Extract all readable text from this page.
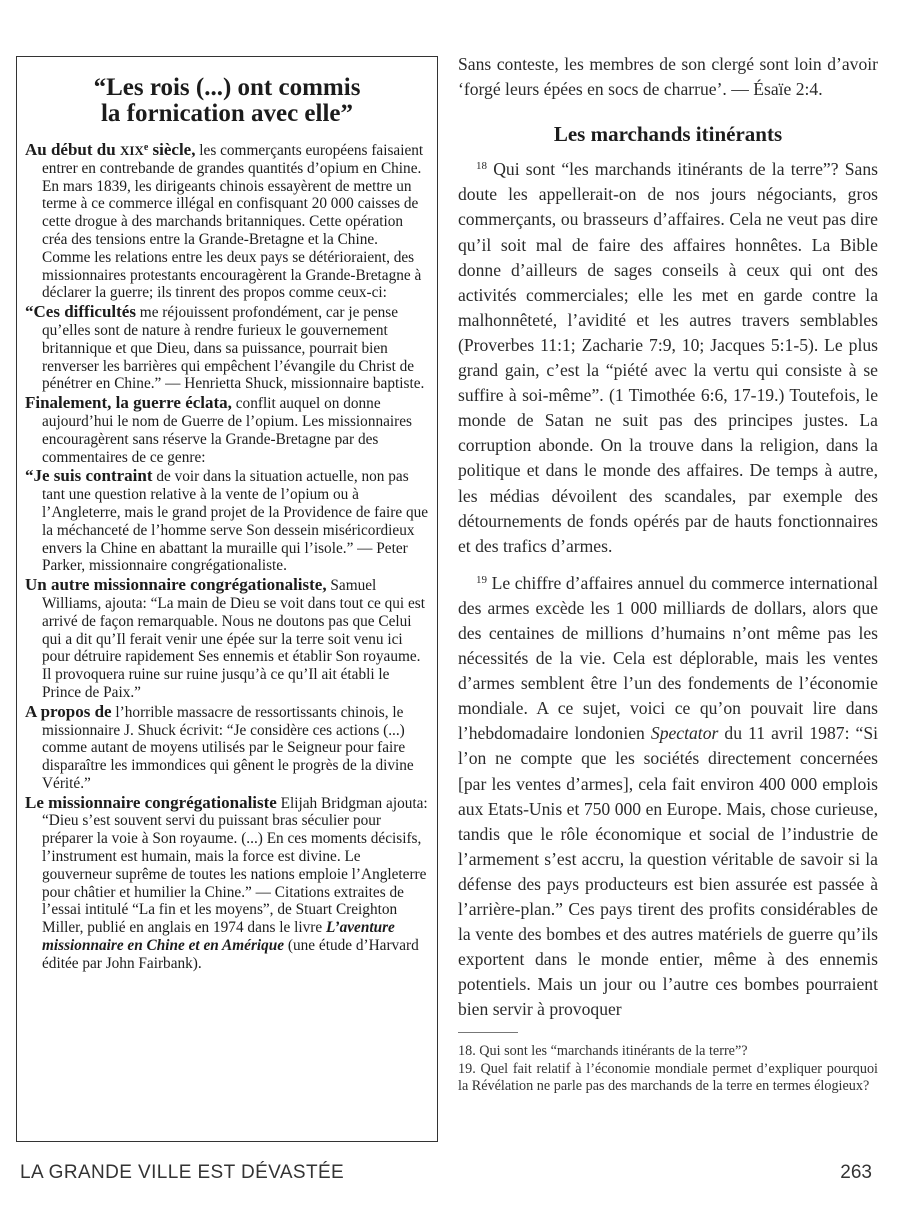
“Les rois (...) ont commis
la fornication avec elle”
Au début du XIXe siècle, les commerçants européens faisaient entrer en contrebande de grandes quantités d’opium en Chine. En mars 1839, les dirigeants chinois essayèrent de mettre un terme à ce commerce illégal en confisquant 20 000 caisses de cette drogue à des marchands britanniques. Cette opération créa des tensions entre la Grande-Bretagne et la Chine. Comme les relations entre les deux pays se détérioraient, des missionnaires protestants encouragèrent la Grande-Bretagne à déclarer la guerre; ils tinrent des propos comme ceux-ci:
“Ces difficultés me réjouissent profondément, car je pense qu’elles sont de nature à rendre furieux le gouvernement britannique et que Dieu, dans sa puissance, pourrait bien renverser les barrières qui empêchent l’évangile du Christ de pénétrer en Chine.” — Henrietta Shuck, missionnaire baptiste.
Finalement, la guerre éclata, conflit auquel on donne aujourd’hui le nom de Guerre de l’opium. Les missionnaires encouragèrent sans réserve la Grande-Bretagne par des commentaires de ce genre:
“Je suis contraint de voir dans la situation actuelle, non pas tant une question relative à la vente de l’opium ou à l’Angleterre, mais le grand projet de la Providence de faire que la méchanceté de l’homme serve Son dessein miséricordieux envers la Chine en abattant la muraille qui l’isole.” — Peter Parker, missionnaire congrégationaliste.
Un autre missionnaire congrégationaliste, Samuel Williams, ajouta: “La main de Dieu se voit dans tout ce qui est arrivé de façon remarquable. Nous ne doutons pas que Celui qui a dit qu’Il ferait venir une épée sur la terre soit venu ici pour détruire rapidement Ses ennemis et établir Son royaume. Il provoquera ruine sur ruine jusqu’à ce qu’Il ait établi le Prince de Paix.”
A propos de l’horrible massacre de ressortissants chinois, le missionnaire J. Shuck écrivit: “Je considère ces actions (...) comme autant de moyens utilisés par le Seigneur pour faire disparaître les immondices qui gênent le progrès de la divine Vérité.”
Le missionnaire congrégationaliste Elijah Bridgman ajouta: “Dieu s’est souvent servi du puissant bras séculier pour préparer la voie à Son royaume. (...) En ces moments décisifs, l’instrument est humain, mais la force est divine. Le gouverneur suprême de toutes les nations emploie l’Angleterre pour châtier et humilier la Chine.” — Citations extraites de l’essai intitulé “La fin et les moyens”, de Stuart Creighton Miller, publié en anglais en 1974 dans le livre L’aventure missionnaire en Chine et en Amérique (une étude d’Harvard éditée par John Fairbank).

Sans conteste, les membres de son clergé sont loin d’avoir ‘forgé leurs épées en socs de charrue’. — Ésaïe 2:4.

Les marchands itinérants

$^{18}$ Qui sont “les marchands itinérants de la terre”? Sans doute les appellerait-on de nos jours négociants, gros commerçants, ou brasseurs d’affaires. Cela ne veut pas dire qu’il soit mal de faire des affaires honnêtes. La Bible donne d’ailleurs de sages conseils à ceux qui ont des activités commerciales; elle les met en garde contre la malhonnêteté, l’avidité et les autres travers semblables (Proverbes 11:1; Zacharie 7:9, 10; Jacques 5:1-5). Le plus grand gain, c’est la “piété avec la vertu qui consiste à se suffire à soi-même”. (1 Timothée 6:6, 17-19.) Toutefois, le monde de Satan ne suit pas des principes justes. La corruption abonde. On la trouve dans la religion, dans la politique et dans le monde des affaires. De temps à autre, les médias dévoilent des scandales, par exemple des détournements de fonds opérés par de hauts fonctionnaires et des trafics d’armes.

$^{19}$ Le chiffre d’affaires annuel du commerce international des armes excède les 1 000 milliards de dollars, alors que des centaines de millions d’humains n’ont même pas les nécessités de la vie. Cela est déplorable, mais les ventes d’armes semblent être l’un des fondements de l’économie mondiale. A ce sujet, voici ce qu’on pouvait lire dans l’hebdomadaire londonien Spectator du 11 avril 1987: “Si l’on ne compte que les sociétés directement concernées [par les ventes d’armes], cela fait environ 400 000 emplois aux Etats-Unis et 750 000 en Europe. Mais, chose curieuse, tandis que le rôle économique et social de l’industrie de l’armement s’est accru, la question véritable de savoir si la défense des pays producteurs est bien assurée est passée à l’arrière-plan.” Ces pays tirent des profits considérables de la vente des bombes et des autres matériels de guerre qu’ils exportent dans le monde entier, même à des ennemis potentiels. Mais un jour ou l’autre ces bombes pourraient bien servir à provoquer

18. Qui sont les “marchands itinérants de la terre”?
19. Quel fait relatif à l’économie mondiale permet d’expliquer pourquoi la Révélation ne parle pas des marchands de la terre en termes élogieux?
LA GRANDE VILLE EST DÉVASTÉE	263
